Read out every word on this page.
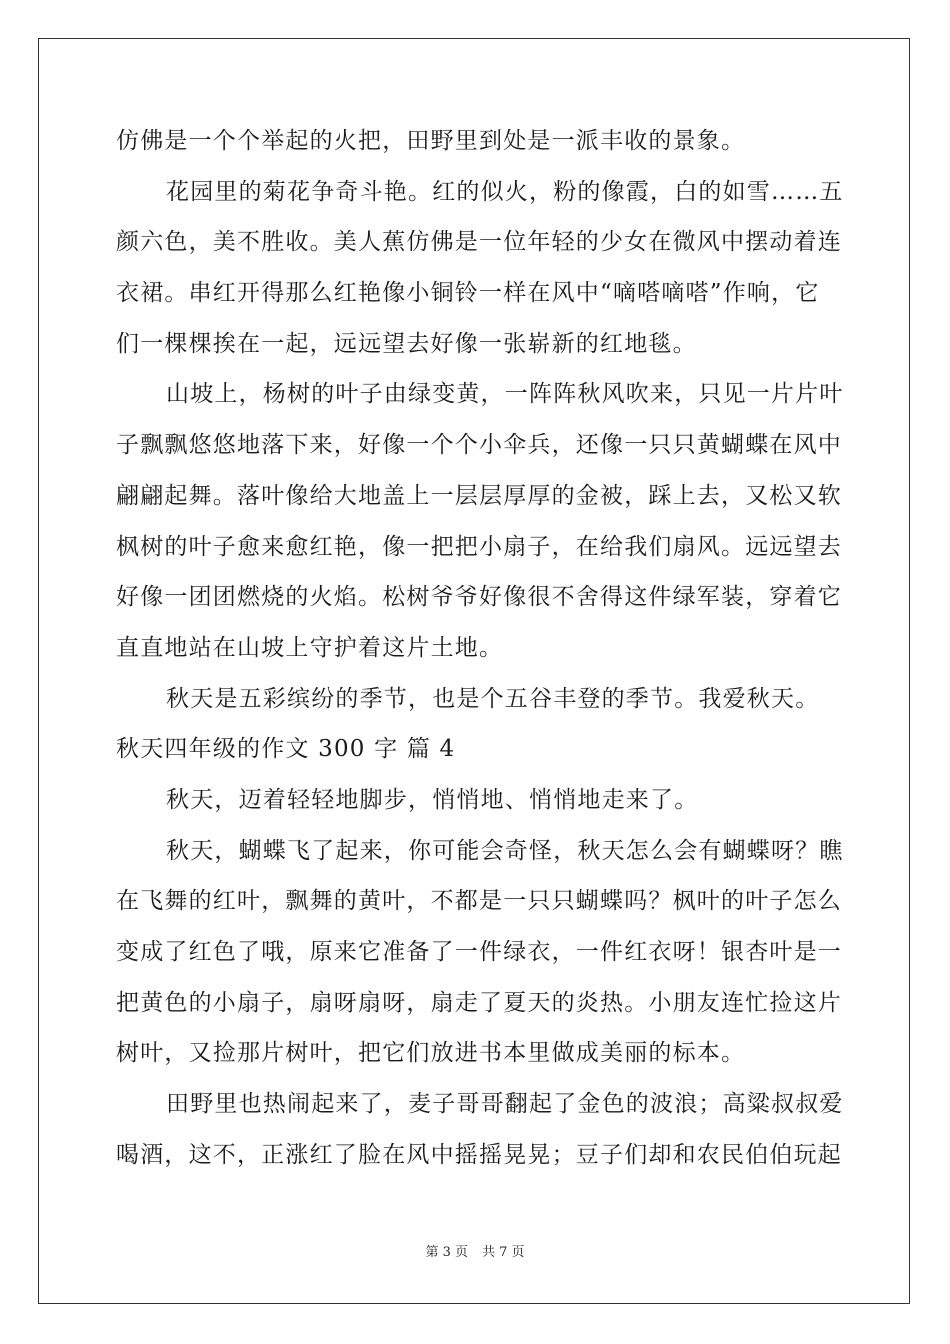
仿佛是一个个举起的火把，田野里到处是一派丰收的景象。
花园里的菊花争奇斗艳。红的似火，粉的像霞，白的如雪……五
颜六色，美不胜收。美人蕉仿佛是一位年轻的少女在微风中摆动着连
衣裙。串红开得那么红艳像小铜铃一样在风中“嘀嗒嘀嗒”作响，它
们一棵棵挨在一起，远远望去好像一张崭新的红地毯。
山坡上，杨树的叶子由绿变黄，一阵阵秋风吹来，只见一片片叶
子飘飘悠悠地落下来，好像一个个小伞兵，还像一只只黄蝴蝶在风中
翩翩起舞。落叶像给大地盖上一层层厚厚的金被，踩上去，又松又软
枫树的叶子愈来愈红艳，像一把把小扇子，在给我们扇风。远远望去
好像一团团燃烧的火焰。松树爷爷好像很不舍得这件绿军装，穿着它
直直地站在山坡上守护着这片土地。
秋天是五彩缤纷的季节，也是个五谷丰登的季节。我爱秋天。
秋天四年级的作文 300 字 篇 4
秋天，迈着轻轻地脚步，悄悄地、悄悄地走来了。
秋天，蝴蝶飞了起来，你可能会奇怪，秋天怎么会有蝴蝶呀？瞧
在飞舞的红叶，飘舞的黄叶，不都是一只只蝴蝶吗？枫叶的叶子怎么
变成了红色了哦，原来它准备了一件绿衣，一件红衣呀！银杏叶是一
把黄色的小扇子，扇呀扇呀，扇走了夏天的炎热。小朋友连忙捡这片
树叶，又捡那片树叶，把它们放进书本里做成美丽的标本。
田野里也热闹起来了，麦子哥哥翻起了金色的波浪；高粱叔叔爱
喝酒，这不，正涨红了脸在风中摇摇晃晃；豆子们却和农民伯伯玩起
第 3 页 共 7 页
